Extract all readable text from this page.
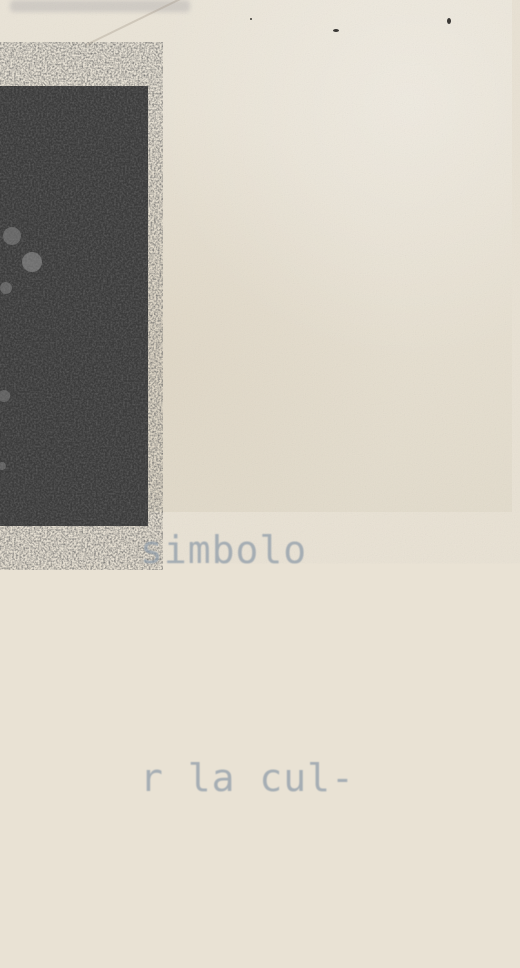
simbolo

r la cul-
